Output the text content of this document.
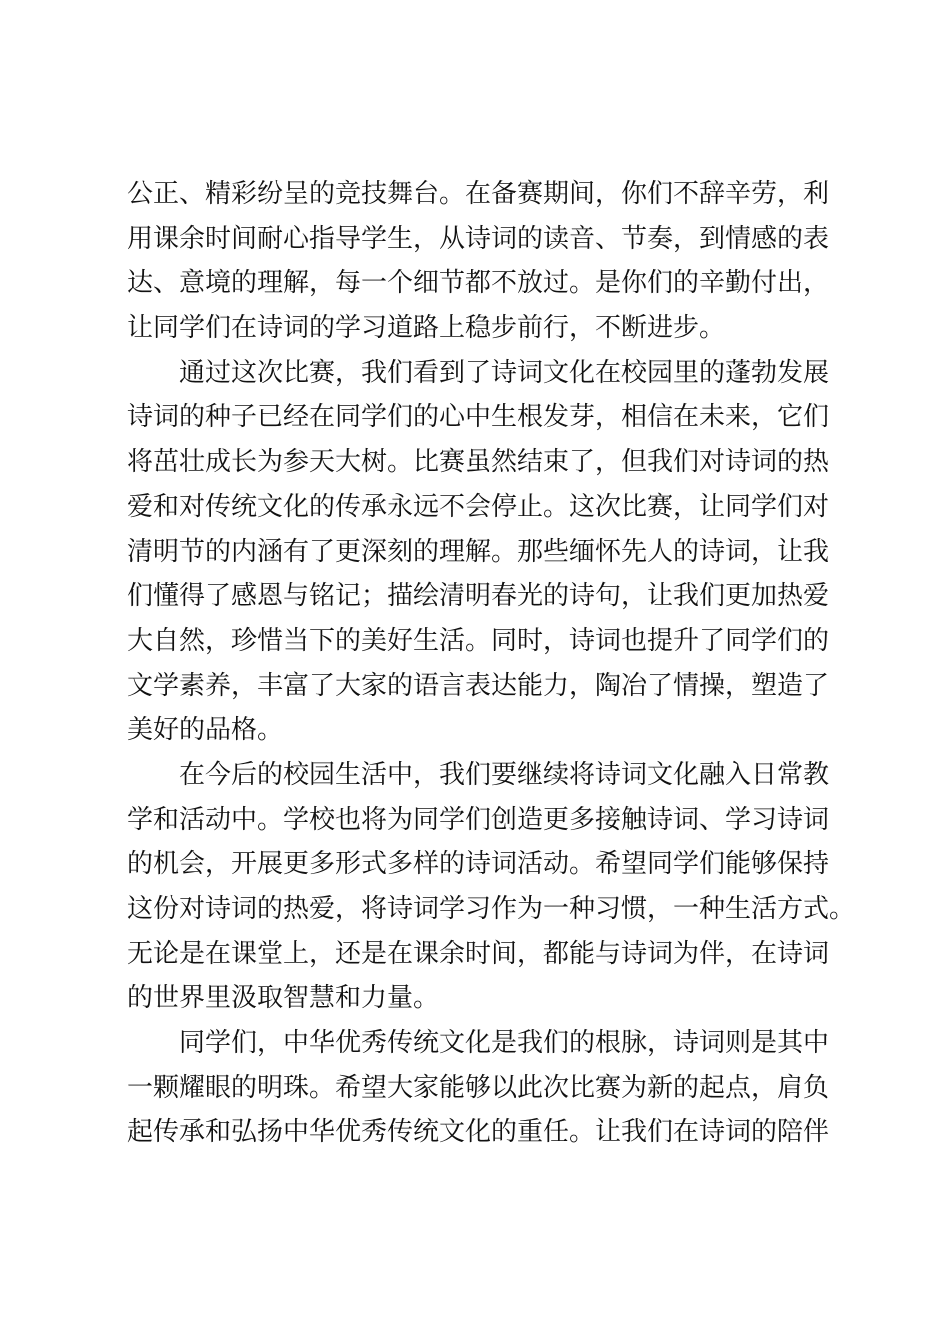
公正、精彩纷呈的竞技舞台。在备赛期间，你们不辞辛劳，利
用课余时间耐心指导学生，从诗词的读音、节奏，到情感的表
达、意境的理解，每一个细节都不放过。是你们的辛勤付出，
让同学们在诗词的学习道路上稳步前行，不断进步。
通过这次比赛，我们看到了诗词文化在校园里的蓬勃发展
诗词的种子已经在同学们的心中生根发芽，相信在未来，它们
将茁壮成长为参天大树。比赛虽然结束了，但我们对诗词的热
爱和对传统文化的传承永远不会停止。这次比赛，让同学们对
清明节的内涵有了更深刻的理解。那些缅怀先人的诗词，让我
们懂得了感恩与铭记；描绘清明春光的诗句，让我们更加热爱
大自然，珍惜当下的美好生活。同时，诗词也提升了同学们的
文学素养，丰富了大家的语言表达能力，陶冶了情操，塑造了
美好的品格。
在今后的校园生活中，我们要继续将诗词文化融入日常教
学和活动中。学校也将为同学们创造更多接触诗词、学习诗词
的机会，开展更多形式多样的诗词活动。希望同学们能够保持
这份对诗词的热爱，将诗词学习作为一种习惯，一种生活方式。
无论是在课堂上，还是在课余时间，都能与诗词为伴，在诗词
的世界里汲取智慧和力量。
同学们，中华优秀传统文化是我们的根脉，诗词则是其中
一颗耀眼的明珠。希望大家能够以此次比赛为新的起点，肩负
起传承和弘扬中华优秀传统文化的重任。让我们在诗词的陪伴
